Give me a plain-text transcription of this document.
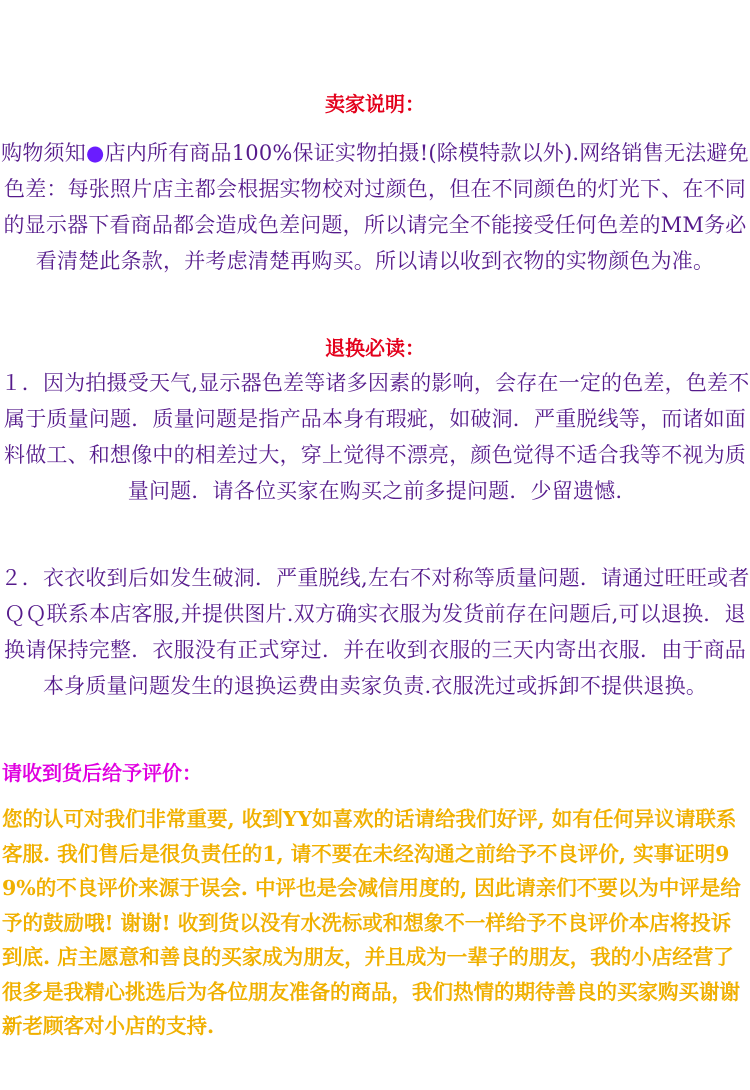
卖家说明：

购物须知●店内所有商品100%保证实物拍摄!(除模特款以外).网络销售无法避免色差：每张照片店主都会根据实物校对过颜色，但在不同颜色的灯光下、在不同的显示器下看商品都会造成色差问题，所以请完全不能接受任何色差的MM务必看清楚此条款，并考虑清楚再购买。所以请以收到衣物的实物颜色为准。

退换必读：

１．因为拍摄受天气,显示器色差等诸多因素的影响，会存在一定的色差，色差不属于质量问题．质量问题是指产品本身有瑕疵，如破洞．严重脱线等，而诸如面料做工、和想像中的相差过大，穿上觉得不漂亮，颜色觉得不适合我等不视为质量问题．请各位买家在购买之前多提问题．少留遗憾.

２．衣衣收到后如发生破洞．严重脱线,左右不对称等质量问题．请通过旺旺或者ＱＱ联系本店客服,并提供图片.双方确实衣服为发货前存在问题后,可以退换．退换请保持完整．衣服没有正式穿过．并在收到衣服的三天内寄出衣服．由于商品本身质量问题发生的退换运费由卖家负责.衣服洗过或拆卸不提供退换。

请收到货后给予评价：

您的认可对我们非常重要, 收到YY如喜欢的话请给我们好评, 如有任何异议请联系客服. 我们售后是很负责任的1, 请不要在未经沟通之前给予不良评价, 实事证明99%的不良评价来源于误会. 中评也是会减信用度的, 因此请亲们不要以为中评是给予的鼓励哦! 谢谢! 收到货以没有水洗标或和想象不一样给予不良评价本店将投诉到底. 店主愿意和善良的买家成为朋友，并且成为一辈子的朋友，我的小店经营了很多是我精心挑选后为各位朋友准备的商品，我们热情的期待善良的买家购买谢谢新老顾客对小店的支持.
